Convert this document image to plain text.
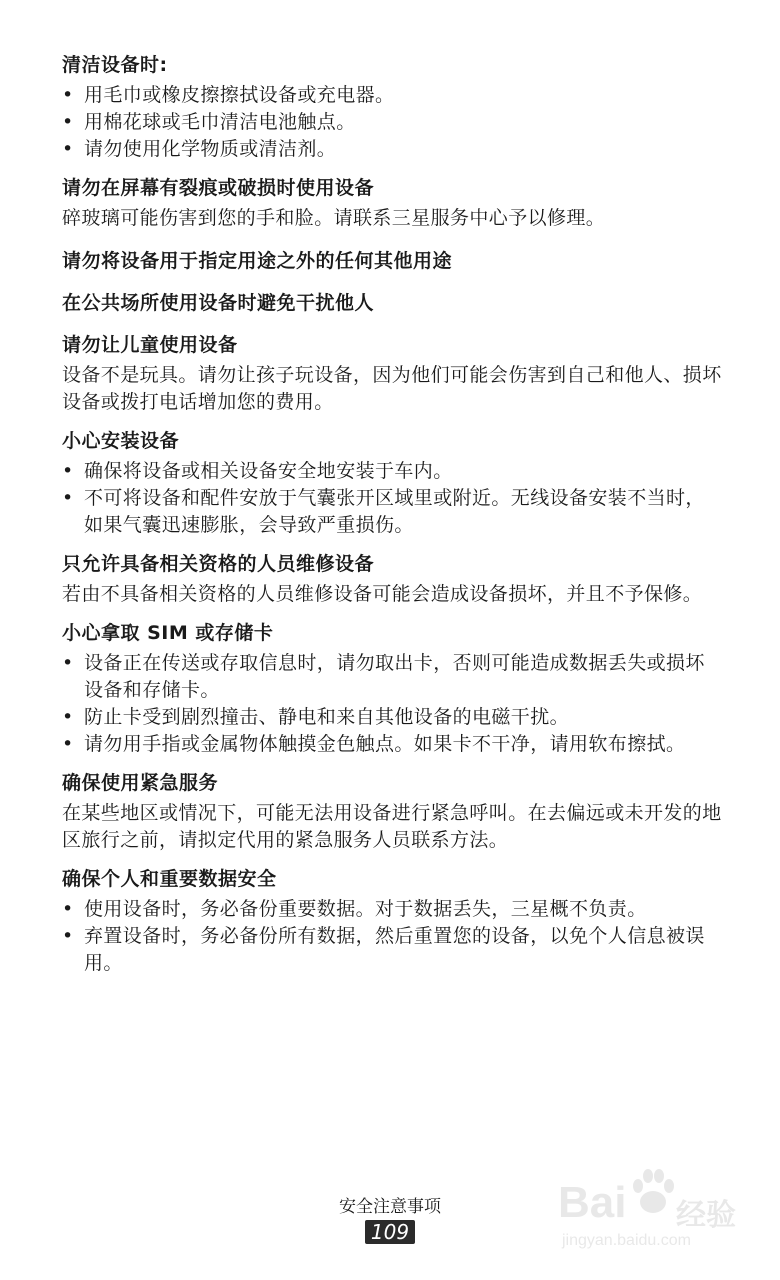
清洁设备时:
• 用毛巾或橡皮擦擦拭设备或充电器。
• 用棉花球或毛巾清洁电池触点。
• 请勿使用化学物质或清洁剂。
请勿在屏幕有裂痕或破损时使用设备

碎玻璃可能伤害到您的手和脸。请联系三星服务中心予以修理。

请勿将设备用于指定用途之外的任何其他用途
在公共场所使用设备时避免干扰他人
请勿让儿童使用设备

设备不是玩具。请勿让孩子玩设备，因为他们可能会伤害到自己和他人、损坏设备或拨打电话增加您的费用。

小心安装设备
• 确保将设备或相关设备安全地安装于车内。
• 不可将设备和配件安放于气囊张开区域里或附近。无线设备安装不当时，如果气囊迅速膨胀，会导致严重损伤。
只允许具备相关资格的人员维修设备

若由不具备相关资格的人员维修设备可能会造成设备损坏，并且不予保修。

小心拿取 SIM 或存储卡
• 设备正在传送或存取信息时，请勿取出卡，否则可能造成数据丢失或损坏设备和存储卡。
• 防止卡受到剧烈撞击、静电和来自其他设备的电磁干扰。
• 请勿用手指或金属物体触摸金色触点。如果卡不干净，请用软布擦拭。
确保使用紧急服务

在某些地区或情况下，可能无法用设备进行紧急呼叫。在去偏远或未开发的地区旅行之前，请拟定代用的紧急服务人员联系方法。

确保个人和重要数据安全
• 使用设备时，务必备份重要数据。对于数据丢失，三星概不负责。
• 弃置设备时，务必备份所有数据，然后重置您的设备，以免个人信息被误用。
安全注意事项
109
Bai 经验
jingyan.baidu.com
